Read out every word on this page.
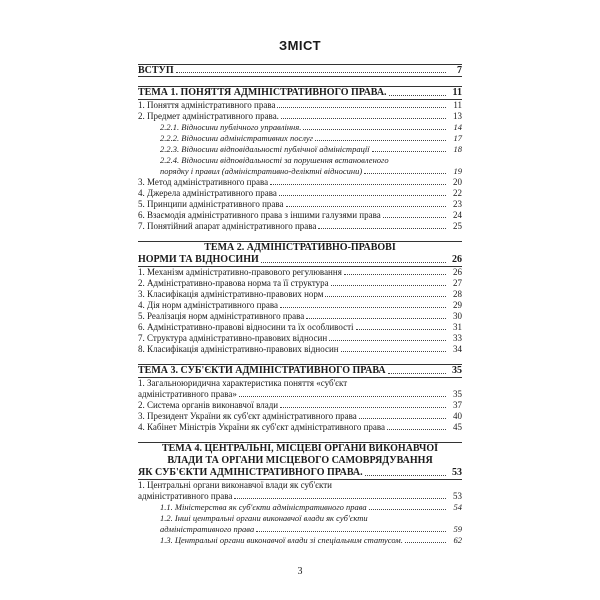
ЗМІСТ
ВСТУП	7
ТЕМА 1. ПОНЯТТЯ АДМІНІСТРАТИВНОГО ПРАВА.	11
1. Поняття адміністративного права	11
2. Предмет адміністративного права.	13
2.2.1. Відносини публічного управління.	14
2.2.2. Відносини адміністративних послуг	17
2.2.3. Відносини відповідальності публічної адміністрації	18
2.2.4. Відносини відповідальності за порушення встановленого
порядку і правил (адміністративно-деліктні відносини)	19
3. Метод адміністративного права	20
4. Джерела адміністративного права	22
5. Принципи адміністративного права	23
6. Взаємодія адміністративного права з іншими галузями права	24
7. Понятійний апарат адміністративного права	25
ТЕМА 2. АДМІНІСТРАТИВНО-ПРАВОВІ
НОРМИ ТА ВІДНОСИНИ	26
1. Механізм адміністративно-правового регулювання	26
2. Адміністративно-правова норма та її структура	27
3. Класифікація адміністративно-правових норм	28
4. Дія норм адміністративного права	29
5. Реалізація норм адміністративного права	30
6. Адміністративно-правові відносини та їх особливості	31
7. Структура адміністративно-правових відносин	33
8. Класифікація адміністративно-правових відносин	34
ТЕМА 3. СУБ'ЄКТИ АДМІНІСТРАТИВНОГО ПРАВА	35
1. Загальноюридична характеристика поняття «суб'єкт
адміністративного права»	35
2. Система органів виконавчої влади	37
3. Президент України як суб'єкт адміністративного права	40
4. Кабінет Міністрів України як суб'єкт адміністративного права	45
ТЕМА 4. ЦЕНТРАЛЬНІ, МІСЦЕВІ ОРГАНИ ВИКОНАВЧОЇ
ВЛАДИ ТА ОРГАНИ МІСЦЕВОГО САМОВРЯДУВАННЯ
ЯК СУБ'ЄКТИ АДМІНІСТРАТИВНОГО ПРАВА.	53
1. Центральні органи виконавчої влади як суб'єкти
адміністративного права	53
1.1. Міністерства як суб'єкти адміністративного права	54
1.2. Інші центральні органи виконавчої влади як суб'єкти
адміністративного права	59
1.3. Центральні органи виконавчої влади зі спеціальним статусом.	62
3
